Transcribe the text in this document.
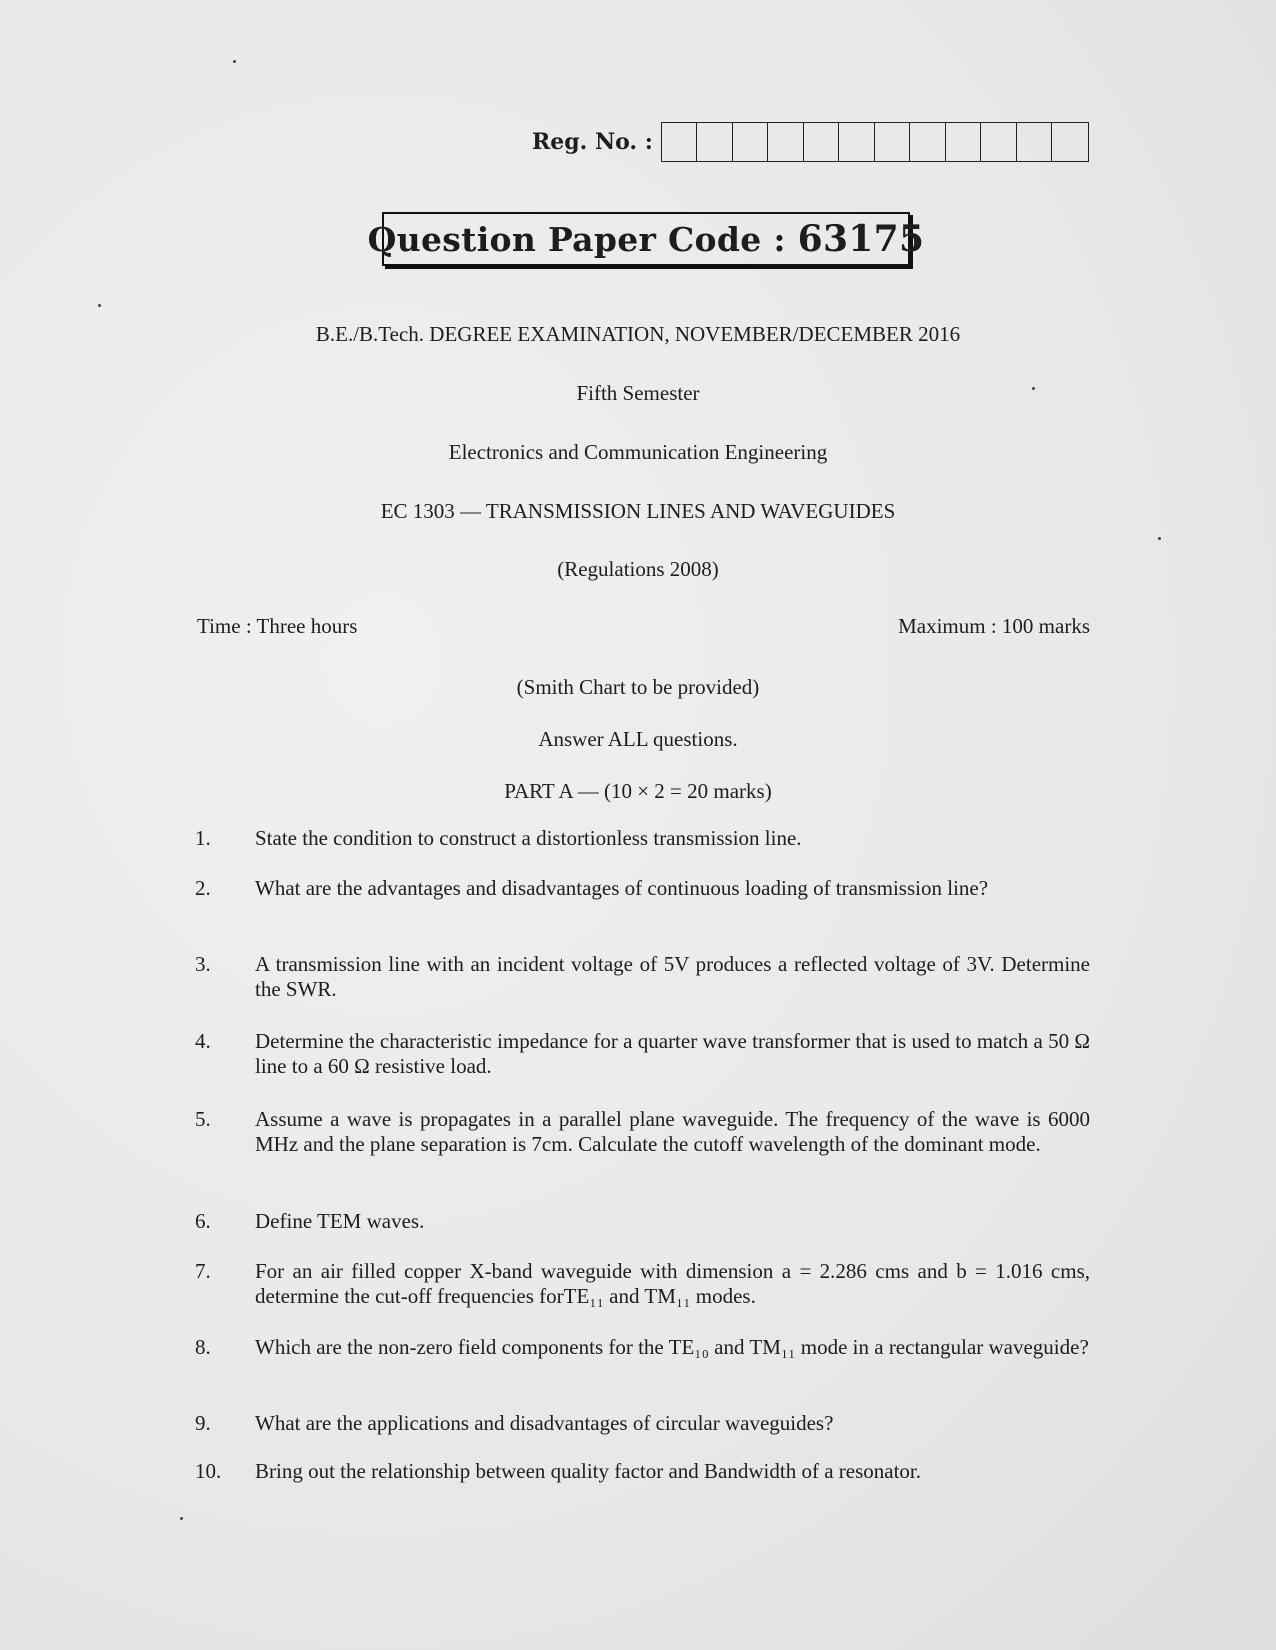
Reg. No. :
Question Paper Code : 63175
B.E./B.Tech. DEGREE EXAMINATION, NOVEMBER/DECEMBER 2016
Fifth Semester
Electronics and Communication Engineering
EC 1303 — TRANSMISSION LINES AND WAVEGUIDES
(Regulations 2008)
Time : Three hours	Maximum : 100 marks
(Smith Chart to be provided)
Answer ALL questions.
PART A — (10 × 2 = 20 marks)
1.	State the condition to construct a distortionless transmission line.
2.	What are the advantages and disadvantages of continuous loading of transmission line?
3.	A transmission line with an incident voltage of 5V produces a reflected voltage of 3V. Determine the SWR.
4.	Determine the characteristic impedance for a quarter wave transformer that is used to match a 50 Ω line to a 60 Ω resistive load.
5.	Assume a wave is propagates in a parallel plane waveguide. The frequency of the wave is 6000 MHz and the plane separation is 7cm. Calculate the cutoff wavelength of the dominant mode.
6.	Define TEM waves.
7.	For an air filled copper X-band waveguide with dimension a = 2.286 cms and b = 1.016 cms, determine the cut-off frequencies forTE₁₁ and TM₁₁ modes.
8.	Which are the non-zero field components for the TE₁₀ and TM₁₁ mode in a rectangular waveguide?
9.	What are the applications and disadvantages of circular waveguides?
10.	Bring out the relationship between quality factor and Bandwidth of a resonator.
